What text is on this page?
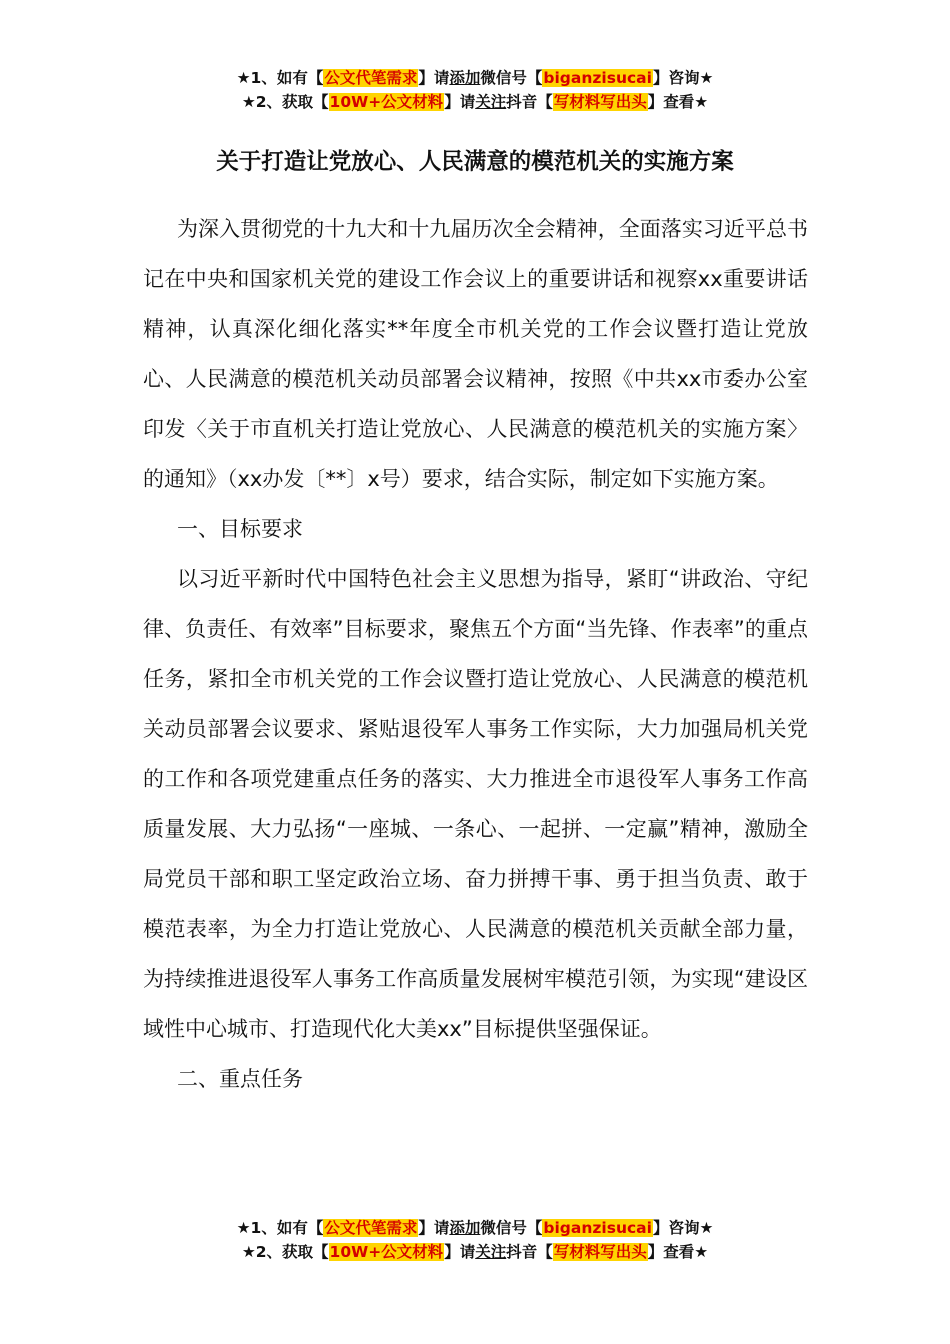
★1、如有【公文代笔需求】请添加微信号【biganzisucai】咨询★
★2、获取【10W+公文材料】请关注抖音【写材料写出头】查看★
关于打造让党放心、人民满意的模范机关的实施方案

为深入贯彻党的十九大和十九届历次全会精神，全面落实习近平总书记在中央和国家机关党的建设工作会议上的重要讲话和视察xx重要讲话精神，认真深化细化落实**年度全市机关党的工作会议暨打造让党放心、人民满意的模范机关动员部署会议精神，按照《中共xx市委办公室印发〈关于市直机关打造让党放心、人民满意的模范机关的实施方案〉的通知》（xx办发〔**〕x号）要求，结合实际，制定如下实施方案。

一、目标要求

以习近平新时代中国特色社会主义思想为指导，紧盯“讲政治、守纪律、负责任、有效率”目标要求，聚焦五个方面“当先锋、作表率”的重点任务，紧扣全市机关党的工作会议暨打造让党放心、人民满意的模范机关动员部署会议要求、紧贴退役军人事务工作实际，大力加强局机关党的工作和各项党建重点任务的落实、大力推进全市退役军人事务工作高质量发展、大力弘扬“一座城、一条心、一起拼、一定赢”精神，激励全局党员干部和职工坚定政治立场、奋力拼搏干事、勇于担当负责、敢于模范表率，为全力打造让党放心、人民满意的模范机关贡献全部力量，为持续推进退役军人事务工作高质量发展树牢模范引领，为实现“建设区域性中心城市、打造现代化大美xx”目标提供坚强保证。

二、重点任务

★1、如有【公文代笔需求】请添加微信号【biganzisucai】咨询★
★2、获取【10W+公文材料】请关注抖音【写材料写出头】查看★
